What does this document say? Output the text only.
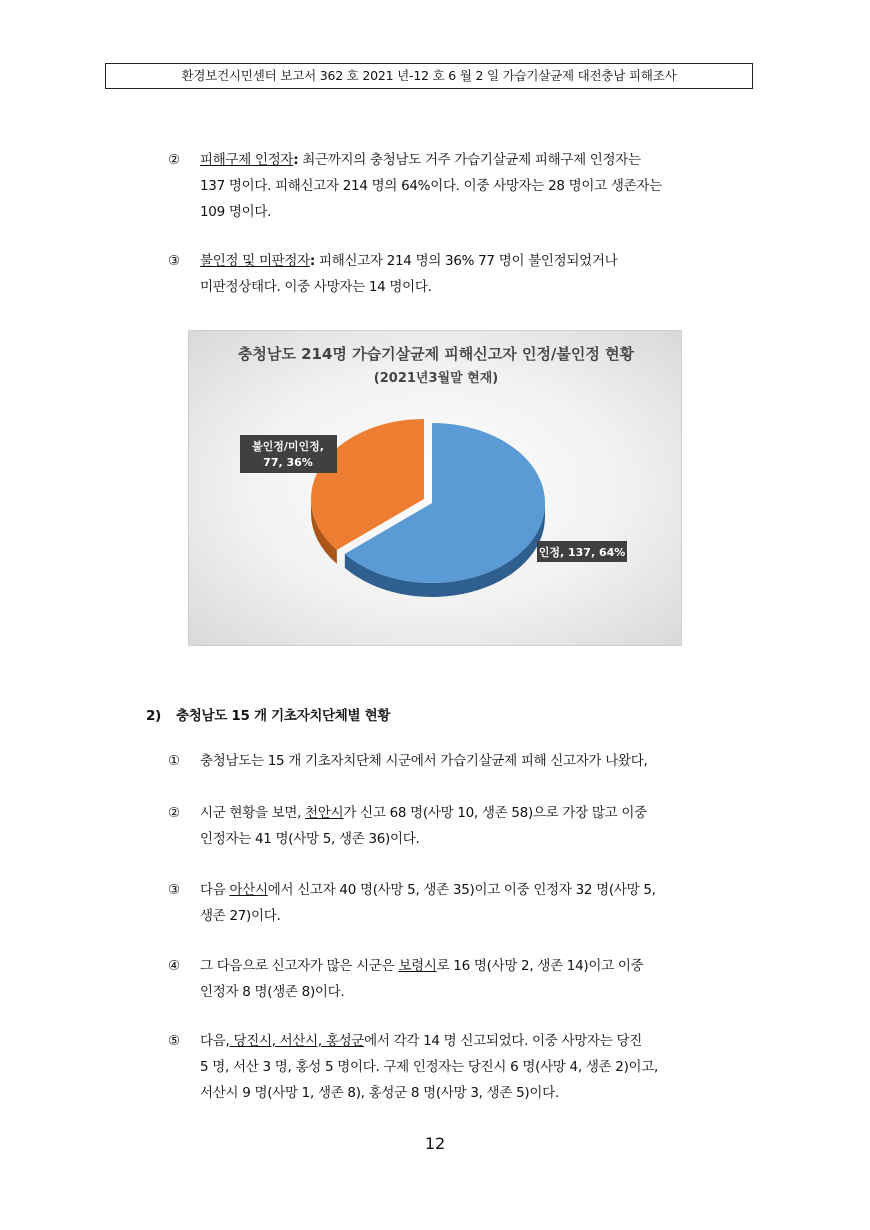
환경보건시민센터 보고서 362 호 2021 년-12 호 6 월 2 일 가습기살균제 대전충남 피해조사
② 피해구제 인정자: 최근까지의 충청남도 거주 가습기살균제 피해구제 인정자는
137 명이다. 피해신고자 214 명의 64%이다. 이중 사망자는 28 명이고 생존자는
109 명이다.
③ 불인정 및 미판정자: 피해신고자 214 명의 36% 77 명이 불인정되었거나
미판정상태다. 이중 사망자는 14 명이다.
충청남도 214명 가습기살균제 피해신고자 인정/불인정 현황
(2021년3월말 현재)
불인정/미인정,
77, 36%
인정, 137, 64%
2) 충청남도 15 개 기초자치단체별 현황
① 충청남도는 15 개 기초자치단체 시군에서 가습기살균제 피해 신고자가 나왔다,
② 시군 현황을 보면, 천안시가 신고 68 명(사망 10, 생존 58)으로 가장 많고 이중
인정자는 41 명(사망 5, 생존 36)이다.
③ 다음 아산시에서 신고자 40 명(사망 5, 생존 35)이고 이중 인정자 32 명(사망 5,
생존 27)이다.
④ 그 다음으로 신고자가 많은 시군은 보령시로 16 명(사망 2, 생존 14)이고 이중
인정자 8 명(생존 8)이다.
⑤ 다음, 당진시, 서산시, 홍성군에서 각각 14 명 신고되었다. 이중 사망자는 당진
5 명, 서산 3 명, 홍성 5 명이다. 구제 인정자는 당진시 6 명(사망 4, 생존 2)이고,
서산시 9 명(사망 1, 생존 8), 홍성군 8 명(사망 3, 생존 5)이다.
12
